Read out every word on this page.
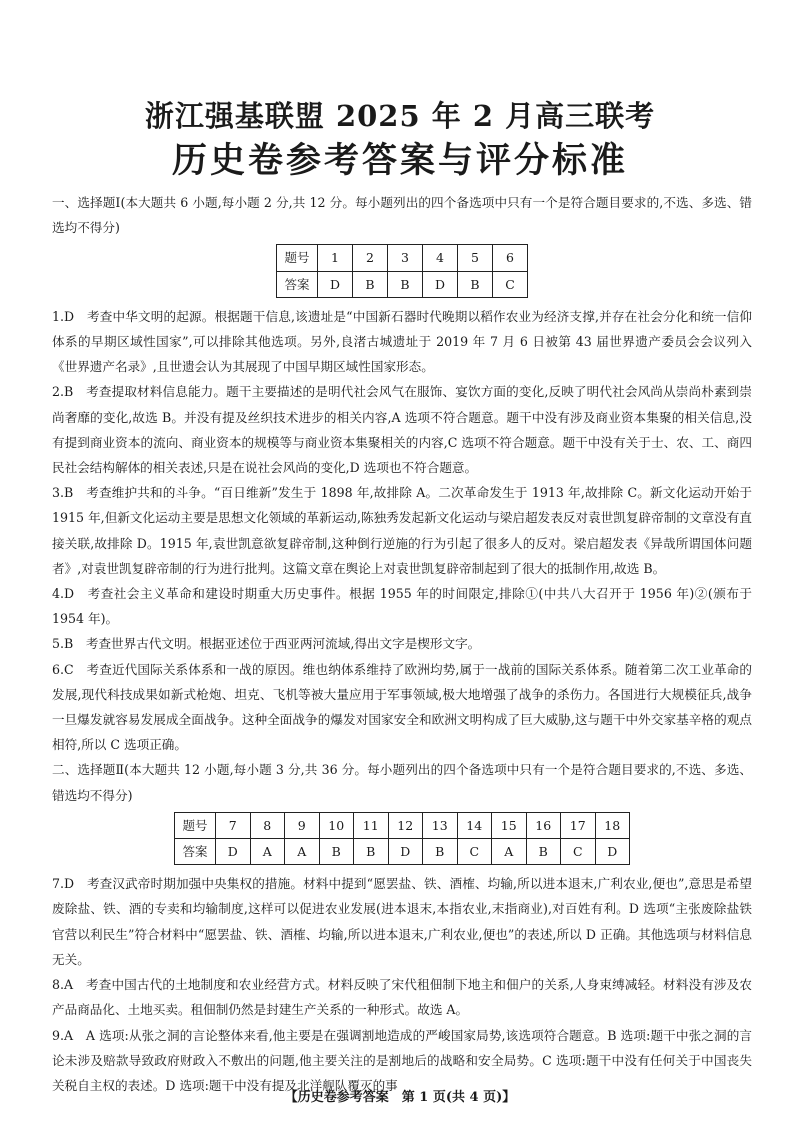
浙江强基联盟 2025 年 2 月高三联考
历史卷参考答案与评分标准

一、选择题Ⅰ(本大题共 6 小题,每小题 2 分,共 12 分。每小题列出的四个备选项中只有一个是符合题目要求的,不选、多选、错选均不得分)

题号	1	2	3	4	5	6
答案	D	B	B	D	B	C

1.D　考查中华文明的起源。根据题干信息,该遗址是“中国新石器时代晚期以稻作农业为经济支撑,并存在社会分化和统一信仰体系的早期区域性国家”,可以排除其他选项。另外,良渚古城遗址于 2019 年 7 月 6 日被第 43 届世界遗产委员会会议列入《世界遗产名录》,且世遗会认为其展现了中国早期区域性国家形态。

2.B　考查提取材料信息能力。题干主要描述的是明代社会风气在服饰、宴饮方面的变化,反映了明代社会风尚从崇尚朴素到崇尚奢靡的变化,故选 B。并没有提及丝织技术进步的相关内容,A 选项不符合题意。题干中没有涉及商业资本集聚的相关信息,没有提到商业资本的流向、商业资本的规模等与商业资本集聚相关的内容,C 选项不符合题意。题干中没有关于士、农、工、商四民社会结构解体的相关表述,只是在说社会风尚的变化,D 选项也不符合题意。

3.B　考查维护共和的斗争。“百日维新”发生于 1898 年,故排除 A。二次革命发生于 1913 年,故排除 C。新文化运动开始于 1915 年,但新文化运动主要是思想文化领域的革新运动,陈独秀发起新文化运动与梁启超发表反对袁世凯复辟帝制的文章没有直接关联,故排除 D。1915 年,袁世凯意欲复辟帝制,这种倒行逆施的行为引起了很多人的反对。梁启超发表《异哉所谓国体问题者》,对袁世凯复辟帝制的行为进行批判。这篇文章在舆论上对袁世凯复辟帝制起到了很大的抵制作用,故选 B。

4.D　考查社会主义革命和建设时期重大历史事件。根据 1955 年的时间限定,排除①(中共八大召开于 1956 年)②(颁布于 1954 年)。

5.B　考查世界古代文明。根据亚述位于西亚两河流域,得出文字是楔形文字。

6.C　考查近代国际关系体系和一战的原因。维也纳体系维持了欧洲均势,属于一战前的国际关系体系。随着第二次工业革命的发展,现代科技成果如新式枪炮、坦克、飞机等被大量应用于军事领域,极大地增强了战争的杀伤力。各国进行大规模征兵,战争一旦爆发就容易发展成全面战争。这种全面战争的爆发对国家安全和欧洲文明构成了巨大威胁,这与题干中外交家基辛格的观点相符,所以 C 选项正确。

二、选择题Ⅱ(本大题共 12 小题,每小题 3 分,共 36 分。每小题列出的四个备选项中只有一个是符合题目要求的,不选、多选、错选均不得分)

题号	7	8	9	10	11	12	13	14	15	16	17	18
答案	D	A	A	B	B	D	B	C	A	B	C	D

7.D　考查汉武帝时期加强中央集权的措施。材料中提到“愿罢盐、铁、酒榷、均输,所以进本退末,广利农业,便也”,意思是希望废除盐、铁、酒的专卖和均输制度,这样可以促进农业发展(进本退末,本指农业,末指商业),对百姓有利。D 选项“主张废除盐铁官营以利民生”符合材料中“愿罢盐、铁、酒榷、均输,所以进本退末,广利农业,便也”的表述,所以 D 正确。其他选项与材料信息无关。

8.A　考查中国古代的土地制度和农业经营方式。材料反映了宋代租佃制下地主和佃户的关系,人身束缚减轻。材料没有涉及农产品商品化、土地买卖。租佃制仍然是封建生产关系的一种形式。故选 A。

9.A　A 选项:从张之洞的言论整体来看,他主要是在强调割地造成的严峻国家局势,该选项符合题意。B 选项:题干中张之洞的言论未涉及赔款导致政府财政入不敷出的问题,他主要关注的是割地后的战略和安全局势。C 选项:题干中没有任何关于中国丧失关税自主权的表述。D 选项:题干中没有提及北洋舰队覆灭的事

【历史卷参考答案　第 1 页(共 4 页)】
